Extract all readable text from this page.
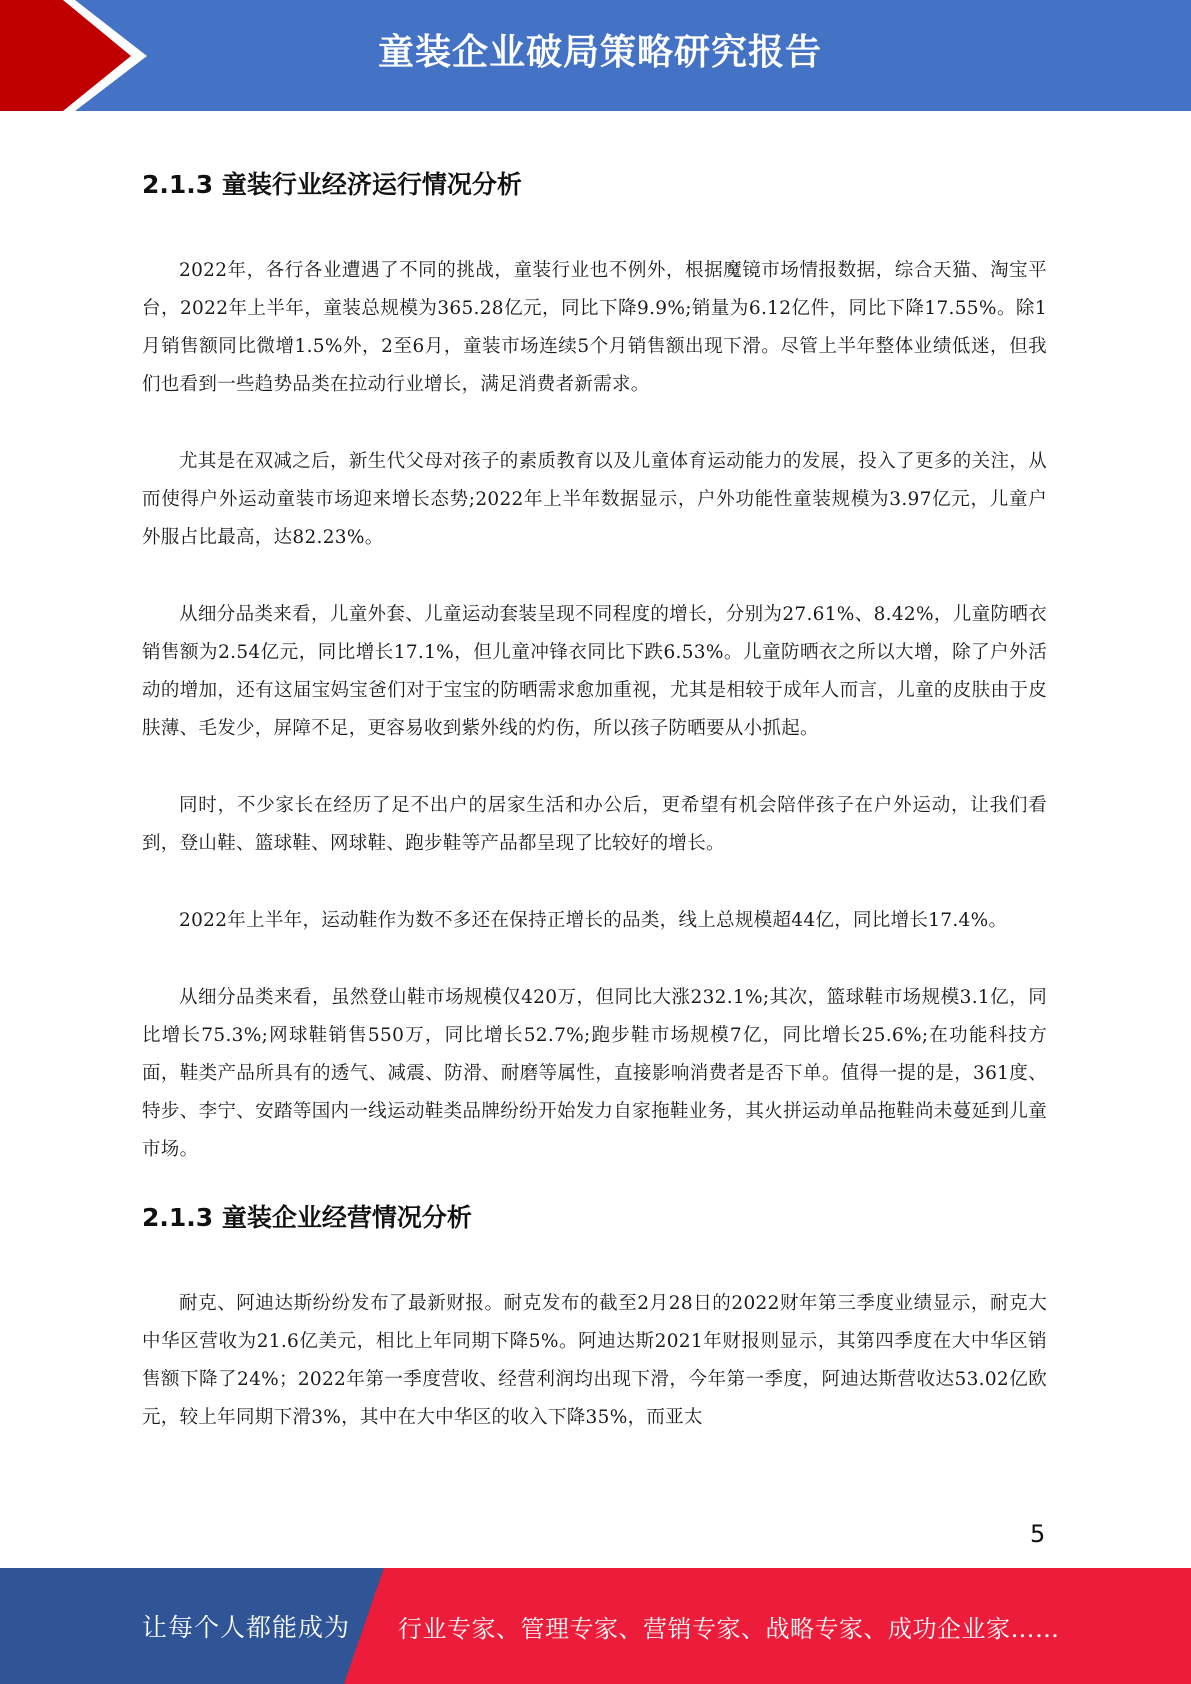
童装企业破局策略研究报告
2.1.3 童装行业经济运行情况分析

2022年，各行各业遭遇了不同的挑战，童装行业也不例外，根据魔镜市场情报数据，综合天猫、淘宝平台，2022年上半年，童装总规模为365.28亿元，同比下降9.9%;销量为6.12亿件，同比下降17.55%。除1月销售额同比微增1.5%外，2至6月，童装市场连续5个月销售额出现下滑。尽管上半年整体业绩低迷，但我们也看到一些趋势品类在拉动行业增长，满足消费者新需求。

尤其是在双减之后，新生代父母对孩子的素质教育以及儿童体育运动能力的发展，投入了更多的关注，从而使得户外运动童装市场迎来增长态势;2022年上半年数据显示，户外功能性童装规模为3.97亿元，儿童户外服占比最高，达82.23%。

从细分品类来看，儿童外套、儿童运动套装呈现不同程度的增长，分别为27.61%、8.42%，儿童防晒衣销售额为2.54亿元，同比增长17.1%，但儿童冲锋衣同比下跌6.53%。儿童防晒衣之所以大增，除了户外活动的增加，还有这届宝妈宝爸们对于宝宝的防晒需求愈加重视，尤其是相较于成年人而言，儿童的皮肤由于皮肤薄、毛发少，屏障不足，更容易收到紫外线的灼伤，所以孩子防晒要从小抓起。

同时，不少家长在经历了足不出户的居家生活和办公后，更希望有机会陪伴孩子在户外运动，让我们看到，登山鞋、篮球鞋、网球鞋、跑步鞋等产品都呈现了比较好的增长。

2022年上半年，运动鞋作为数不多还在保持正增长的品类，线上总规模超44亿，同比增长17.4%。

从细分品类来看，虽然登山鞋市场规模仅420万，但同比大涨232.1%;其次，篮球鞋市场规模3.1亿，同比增长75.3%;网球鞋销售550万，同比增长52.7%;跑步鞋市场规模7亿，同比增长25.6%;在功能科技方面，鞋类产品所具有的透气、减震、防滑、耐磨等属性，直接影响消费者是否下单。值得一提的是，361度、特步、李宁、安踏等国内一线运动鞋类品牌纷纷开始发力自家拖鞋业务，其火拼运动单品拖鞋尚未蔓延到儿童市场。

2.1.3 童装企业经营情况分析

耐克、阿迪达斯纷纷发布了最新财报。耐克发布的截至2月28日的2022财年第三季度业绩显示，耐克大中华区营收为21.6亿美元，相比上年同期下降5%。阿迪达斯2021年财报则显示，其第四季度在大中华区销售额下降了24%；2022年第一季度营收、经营利润均出现下滑，今年第一季度，阿迪达斯营收达53.02亿欧元，较上年同期下滑3%，其中在大中华区的收入下降35%，而亚太

5
让每个人都能成为 行业专家、管理专家、营销专家、战略专家、成功企业家……
